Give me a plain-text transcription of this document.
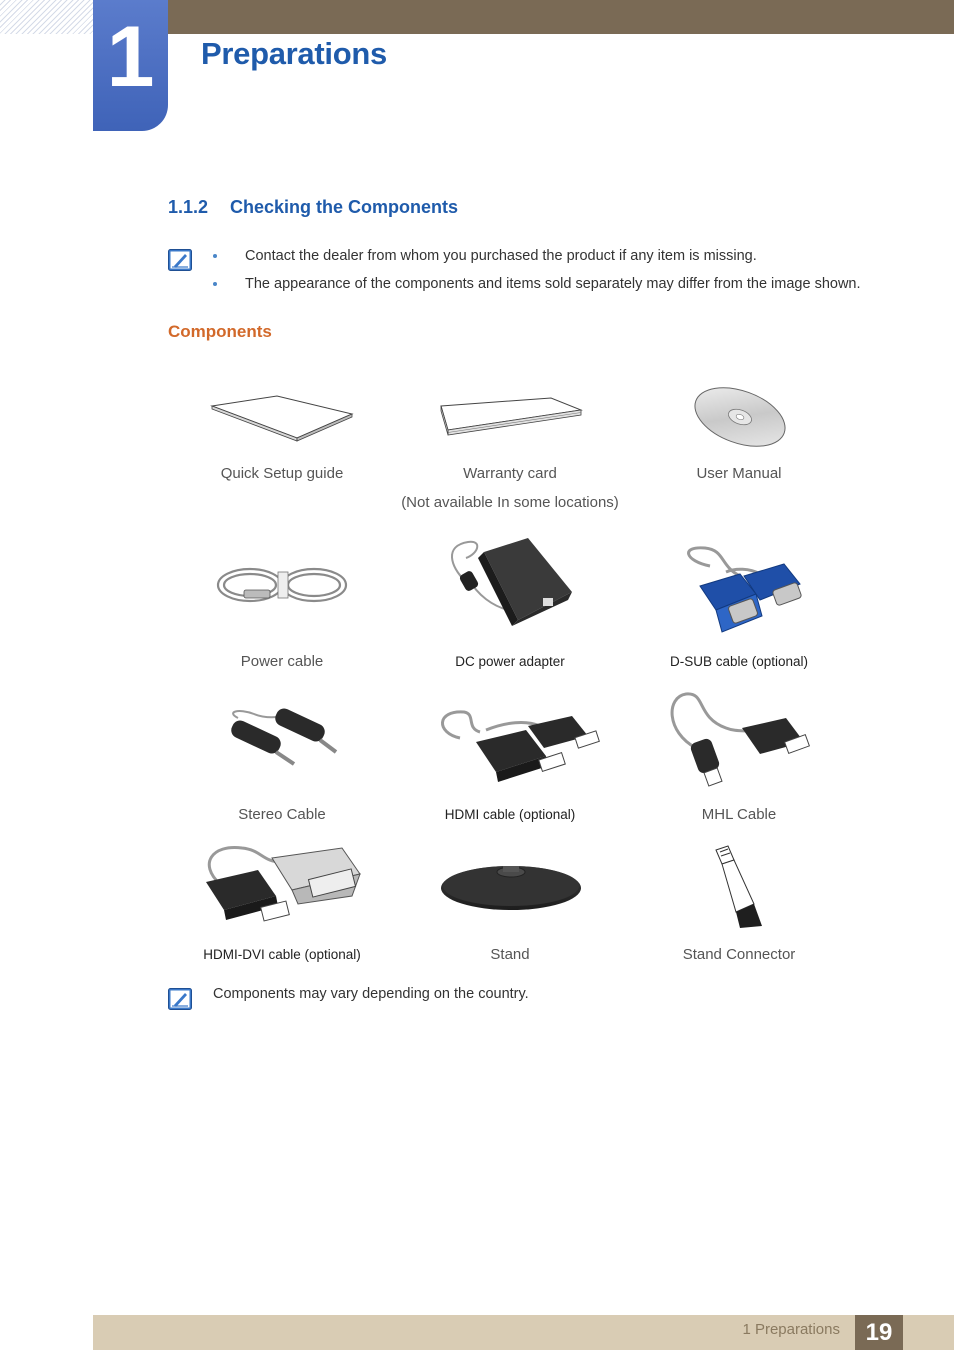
1	Preparations
1.1.2 Checking the Components
Contact the dealer from whom you purchased the product if any item is missing.
The appearance of the components and items sold separately may differ from the image shown.
Components
Quick Setup guide	Warranty card	User Manual
(Not available In some locations)
Power cable	DC power adapter	D-SUB cable (optional)
Stereo Cable	HDMI cable (optional)	MHL Cable
HDMI-DVI cable (optional)	Stand	Stand Connector
Components may vary depending on the country.
1 Preparations	19
